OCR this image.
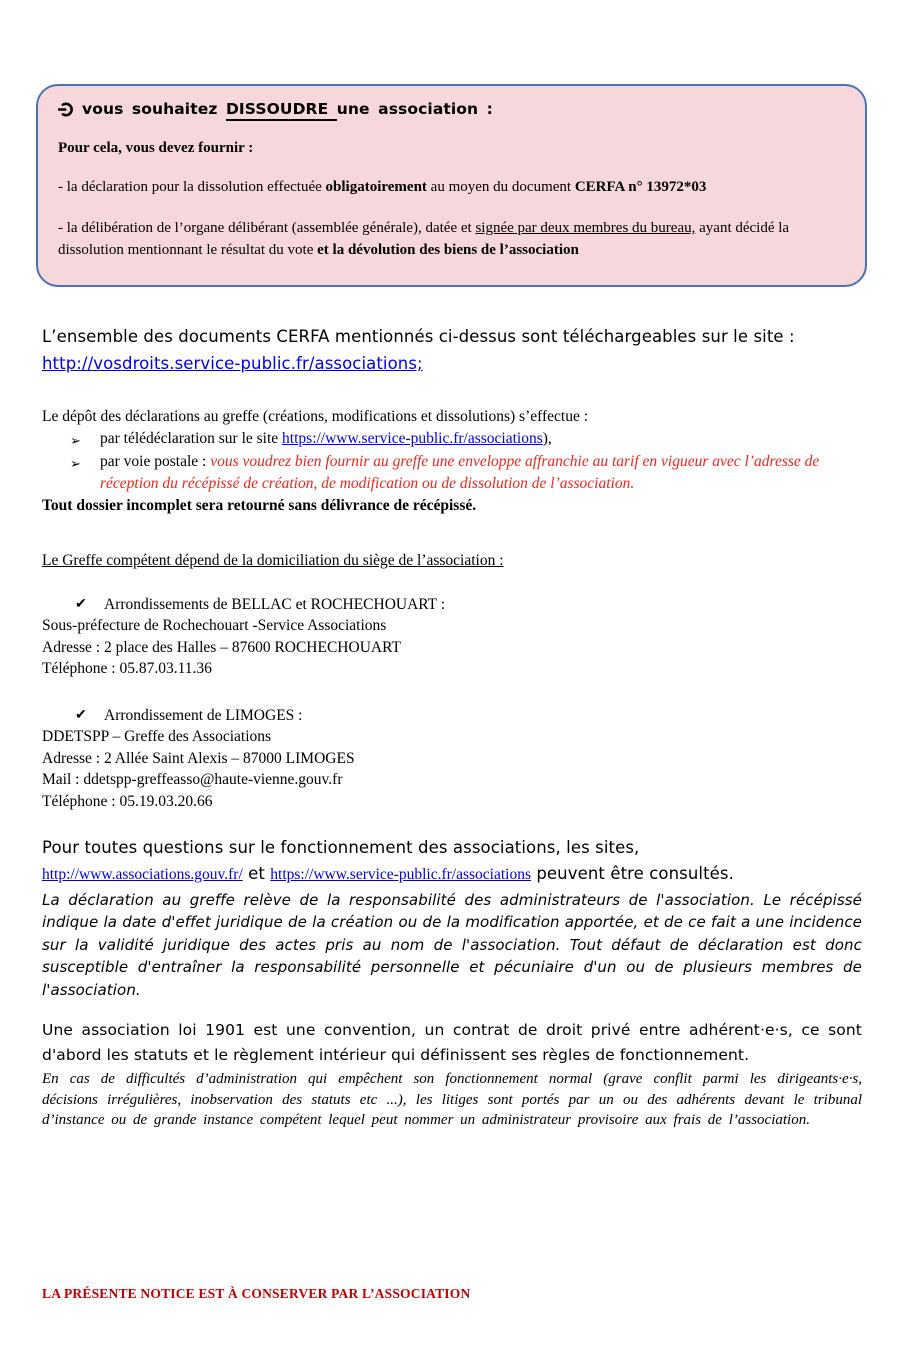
vous souhaitez DISSOUDRE une association :
Pour cela, vous devez fournir :
- la déclaration pour la dissolution effectuée obligatoirement au moyen du document CERFA n° 13972*03
- la délibération de l’organe délibérant (assemblée générale), datée et signée par deux membres du bureau, ayant décidé la dissolution mentionnant le résultat du vote et la dévolution des biens de l’association
L’ensemble des documents CERFA mentionnés ci-dessus sont téléchargeables sur le site :
http://vosdroits.service-public.fr/associations;
Le dépôt des déclarations au greffe (créations, modifications et dissolutions) s’effectue :
➢	par télédéclaration sur le site https://www.service-public.fr/associations),
➢	par voie postale : vous voudrez bien fournir au greffe une enveloppe affranchie au tarif en vigueur avec l’adresse de réception du récépissé de création, de modification ou de dissolution de l’association.
Tout dossier incomplet sera retourné sans délivrance de récépissé.
Le Greffe compétent dépend de la domiciliation du siège de l’association :
✔	Arrondissements de BELLAC et ROCHECHOUART :
Sous-préfecture de Rochechouart -Service Associations
Adresse : 2 place des Halles – 87600 ROCHECHOUART
Téléphone : 05.87.03.11.36
✔	Arrondissement de LIMOGES :
DDETSPP – Greffe des Associations
Adresse : 2 Allée Saint Alexis – 87000 LIMOGES
Mail : ddetspp-greffeasso@haute-vienne.gouv.fr
Téléphone : 05.19.03.20.66
Pour toutes questions sur le fonctionnement des associations, les sites,
http://www.associations.gouv.fr/ et https://www.service-public.fr/associations peuvent être consultés.
La déclaration au greffe relève de la responsabilité des administrateurs de l'association. Le récépissé indique la date d'effet juridique de la création ou de la modification apportée, et de ce fait a une incidence sur la validité juridique des actes pris au nom de l'association. Tout défaut de déclaration est donc susceptible d'entraîner la responsabilité personnelle et pécuniaire d'un ou de plusieurs membres de l'association.
Une association loi 1901 est une convention, un contrat de droit privé entre adhérent·e·s, ce sont d'abord les statuts et le règlement intérieur qui définissent ses règles de fonctionnement.
En cas de difficultés d’administration qui empêchent son fonctionnement normal (grave conflit parmi les dirigeants·e·s, décisions irrégulières, inobservation des statuts etc ...), les litiges sont portés par un ou des adhérents devant le tribunal d’instance ou de grande instance compétent lequel peut nommer un administrateur provisoire aux frais de l’association.
LA PRÉSENTE NOTICE EST À CONSERVER PAR L’ASSOCIATION
